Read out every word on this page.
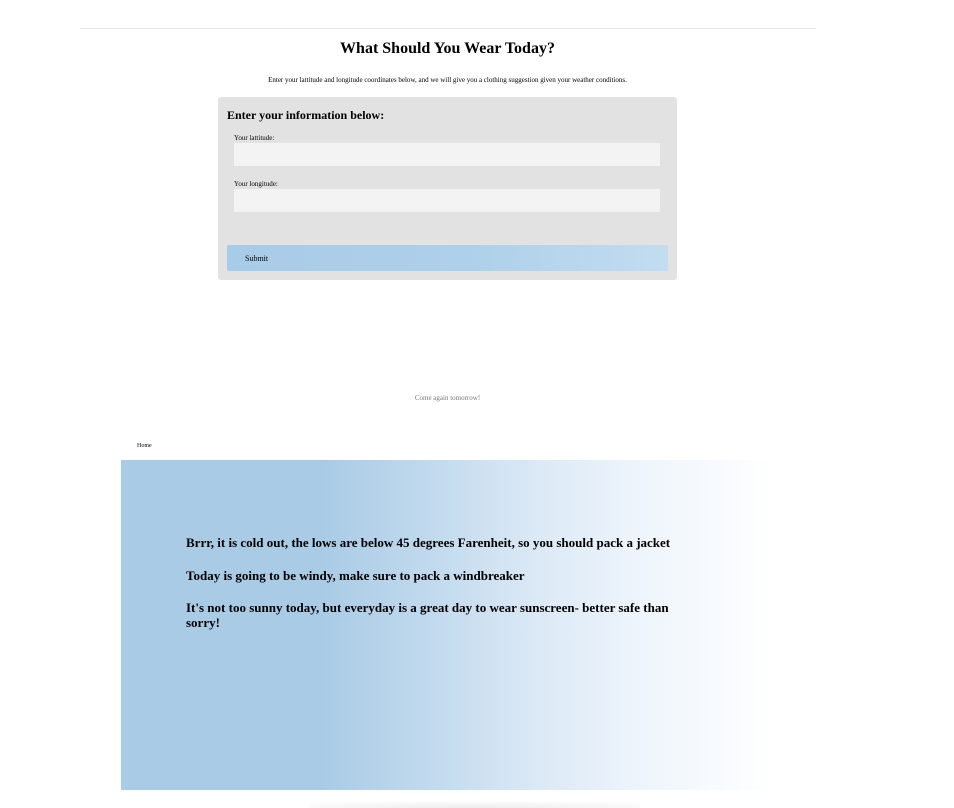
What Should You Wear Today?

Enter your lattitude and longitude coordinates below, and we will give you a clothing suggestion given your weather conditions.

Enter your information below:
Your lattitude:
Your longitude:
Submit

Come again tomorrow!

Home

Brrr, it is cold out, the lows are below 45 degrees Farenheit, so you should pack a jacket

Today is going to be windy, make sure to pack a windbreaker

It's not too sunny today, but everyday is a great day to wear sunscreen- better safe than sorry!
